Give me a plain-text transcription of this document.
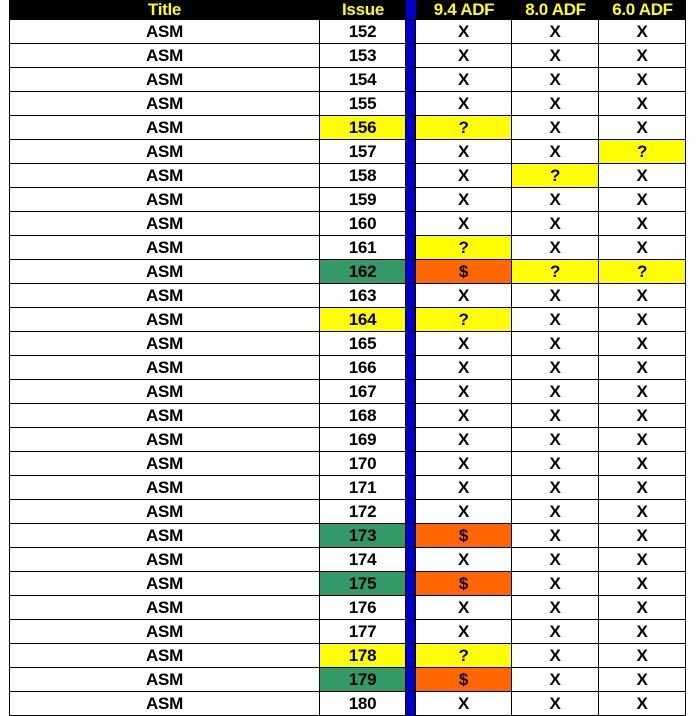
Title	Issue	9.4 ADF	8.0 ADF	6.0 ADF
ASM	152	X	X	X
ASM	153	X	X	X
ASM	154	X	X	X
ASM	155	X	X	X
ASM	156	?	X	X
ASM	157	X	X	?
ASM	158	X	?	X
ASM	159	X	X	X
ASM	160	X	X	X
ASM	161	?	X	X
ASM	162	$	?	?
ASM	163	X	X	X
ASM	164	?	X	X
ASM	165	X	X	X
ASM	166	X	X	X
ASM	167	X	X	X
ASM	168	X	X	X
ASM	169	X	X	X
ASM	170	X	X	X
ASM	171	X	X	X
ASM	172	X	X	X
ASM	173	$	X	X
ASM	174	X	X	X
ASM	175	$	X	X
ASM	176	X	X	X
ASM	177	X	X	X
ASM	178	?	X	X
ASM	179	$	X	X
ASM	180	X	X	X
